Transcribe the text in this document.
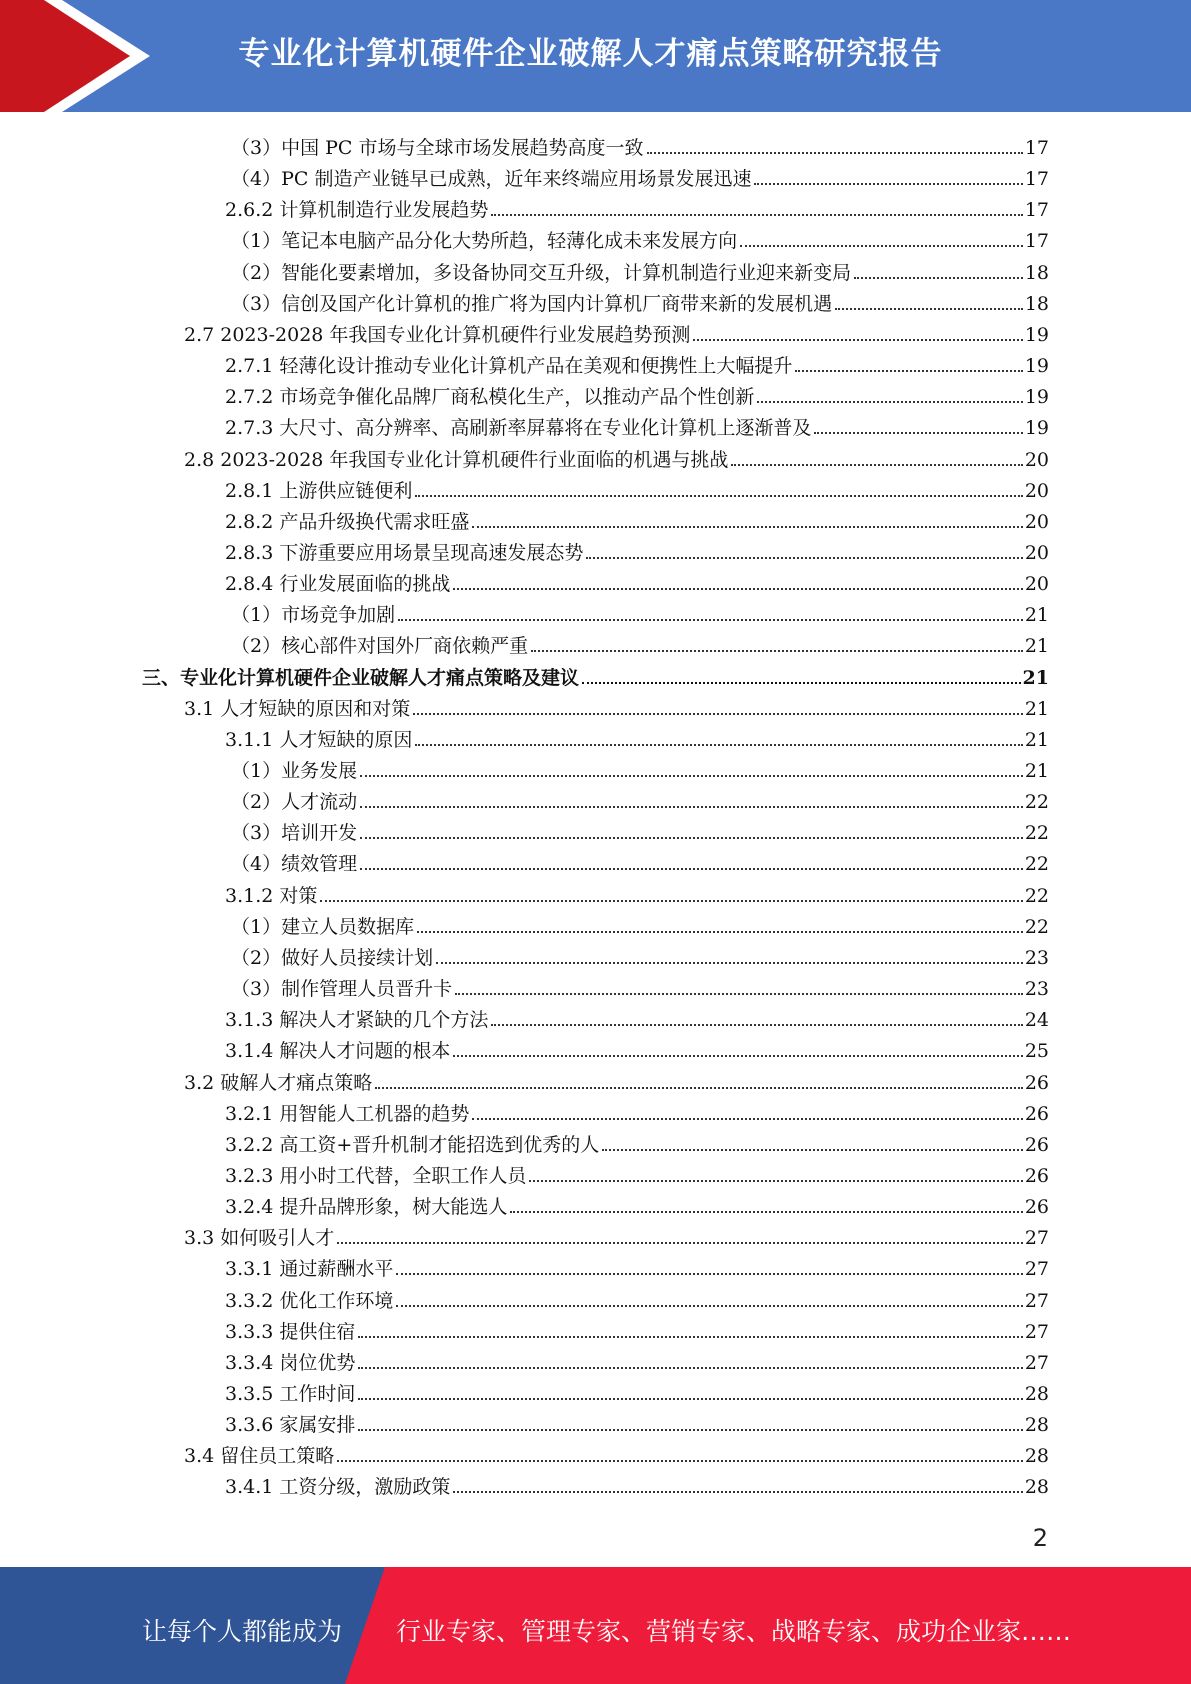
专业化计算机硬件企业破解人才痛点策略研究报告
（3）中国 PC 市场与全球市场发展趋势高度一致	17
（4）PC 制造产业链早已成熟，近年来终端应用场景发展迅速	17
2.6.2 计算机制造行业发展趋势	17
（1）笔记本电脑产品分化大势所趋，轻薄化成未来发展方向	17
（2）智能化要素增加，多设备协同交互升级，计算机制造行业迎来新变局	18
（3）信创及国产化计算机的推广将为国内计算机厂商带来新的发展机遇	18
2.7 2023-2028 年我国专业化计算机硬件行业发展趋势预测	19
2.7.1 轻薄化设计推动专业化计算机产品在美观和便携性上大幅提升	19
2.7.2 市场竞争催化品牌厂商私模化生产，以推动产品个性创新	19
2.7.3 大尺寸、高分辨率、高刷新率屏幕将在专业化计算机上逐渐普及	19
2.8 2023-2028 年我国专业化计算机硬件行业面临的机遇与挑战	20
2.8.1 上游供应链便利	20
2.8.2 产品升级换代需求旺盛	20
2.8.3 下游重要应用场景呈现高速发展态势	20
2.8.4 行业发展面临的挑战	20
（1）市场竞争加剧	21
（2）核心部件对国外厂商依赖严重	21
三、专业化计算机硬件企业破解人才痛点策略及建议	21
3.1 人才短缺的原因和对策	21
3.1.1 人才短缺的原因	21
（1）业务发展	21
（2）人才流动	22
（3）培训开发	22
（4）绩效管理	22
3.1.2 对策	22
（1）建立人员数据库	22
（2）做好人员接续计划	23
（3）制作管理人员晋升卡	23
3.1.3 解决人才紧缺的几个方法	24
3.1.4 解决人才问题的根本	25
3.2 破解人才痛点策略	26
3.2.1 用智能人工机器的趋势	26
3.2.2 高工资+晋升机制才能招选到优秀的人	26
3.2.3 用小时工代替，全职工作人员	26
3.2.4 提升品牌形象，树大能选人	26
3.3 如何吸引人才	27
3.3.1 通过薪酬水平	27
3.3.2 优化工作环境	27
3.3.3 提供住宿	27
3.3.4 岗位优势	27
3.3.5 工作时间	28
3.3.6 家属安排	28
3.4 留住员工策略	28
3.4.1 工资分级，激励政策	28
2
让每个人都能成为 行业专家、管理专家、营销专家、战略专家、成功企业家……
